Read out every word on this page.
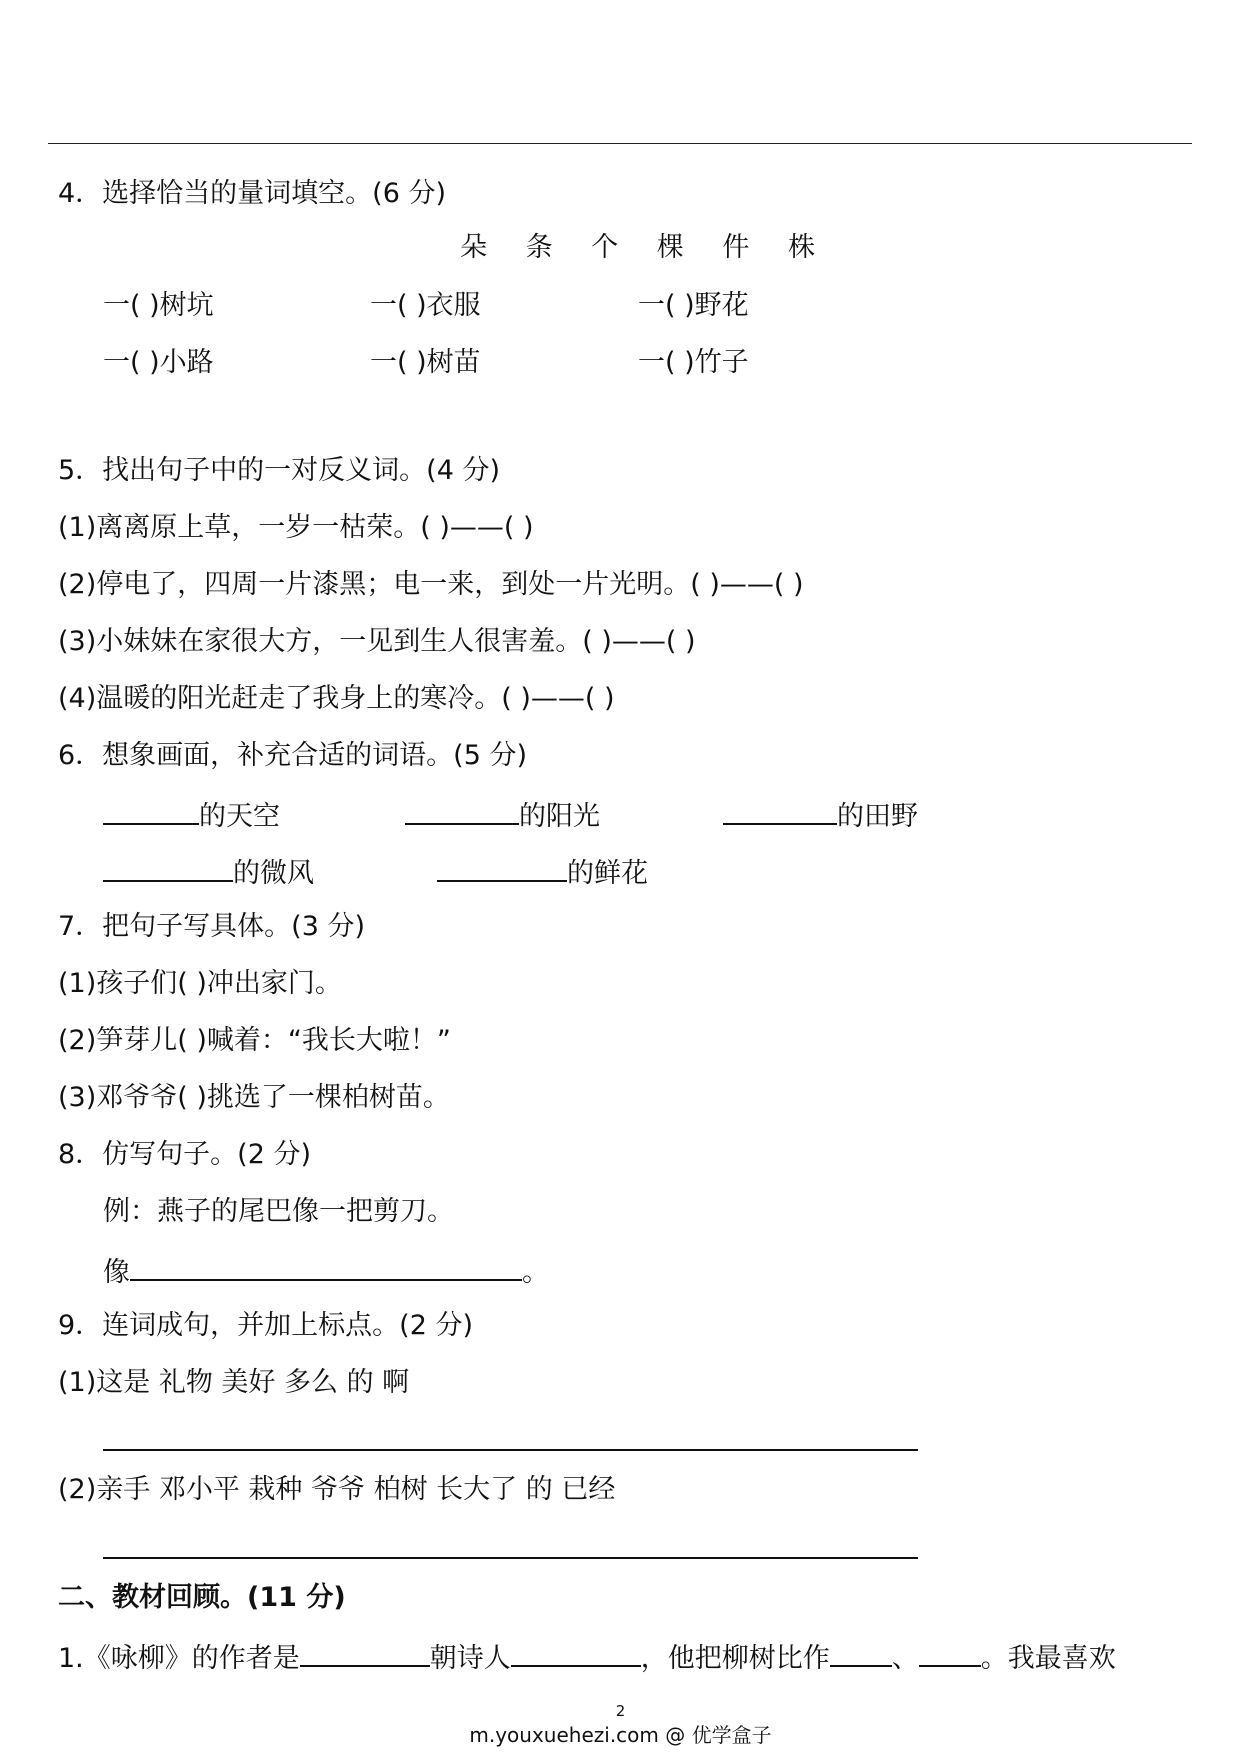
4．选择恰当的量词填空。(6 分)
朵 条 个 棵 件 株
一( )树坑	一( )衣服	一( )野花
一( )小路	一( )树苗	一( )竹子
5．找出句子中的一对反义词。(4 分)
(1)离离原上草，一岁一枯荣。( )——( )
(2)停电了，四周一片漆黑；电一来，到处一片光明。( )——( )
(3)小妹妹在家很大方，一见到生人很害羞。( )——( )
(4)温暖的阳光赶走了我身上的寒冷。( )——( )
6．想象画面，补充合适的词语。(5 分)
的天空	的阳光	的田野
的微风	的鲜花
7．把句子写具体。(3 分)
(1)孩子们( )冲出家门。
(2)笋芽儿( )喊着：“我长大啦！”
(3)邓爷爷( )挑选了一棵柏树苗。
8．仿写句子。(2 分)
例：燕子的尾巴像一把剪刀。
像	。
9．连词成句，并加上标点。(2 分)
(1)这是 礼物 美好 多么 的 啊
(2)亲手 邓小平 栽种 爷爷 柏树 长大了 的 已经
二、教材回顾。(11 分)
1.《咏柳》的作者是	朝诗人	，他把柳树比作 、 。我最喜欢
2
m.youxuehezi.com @ 优学盒子
